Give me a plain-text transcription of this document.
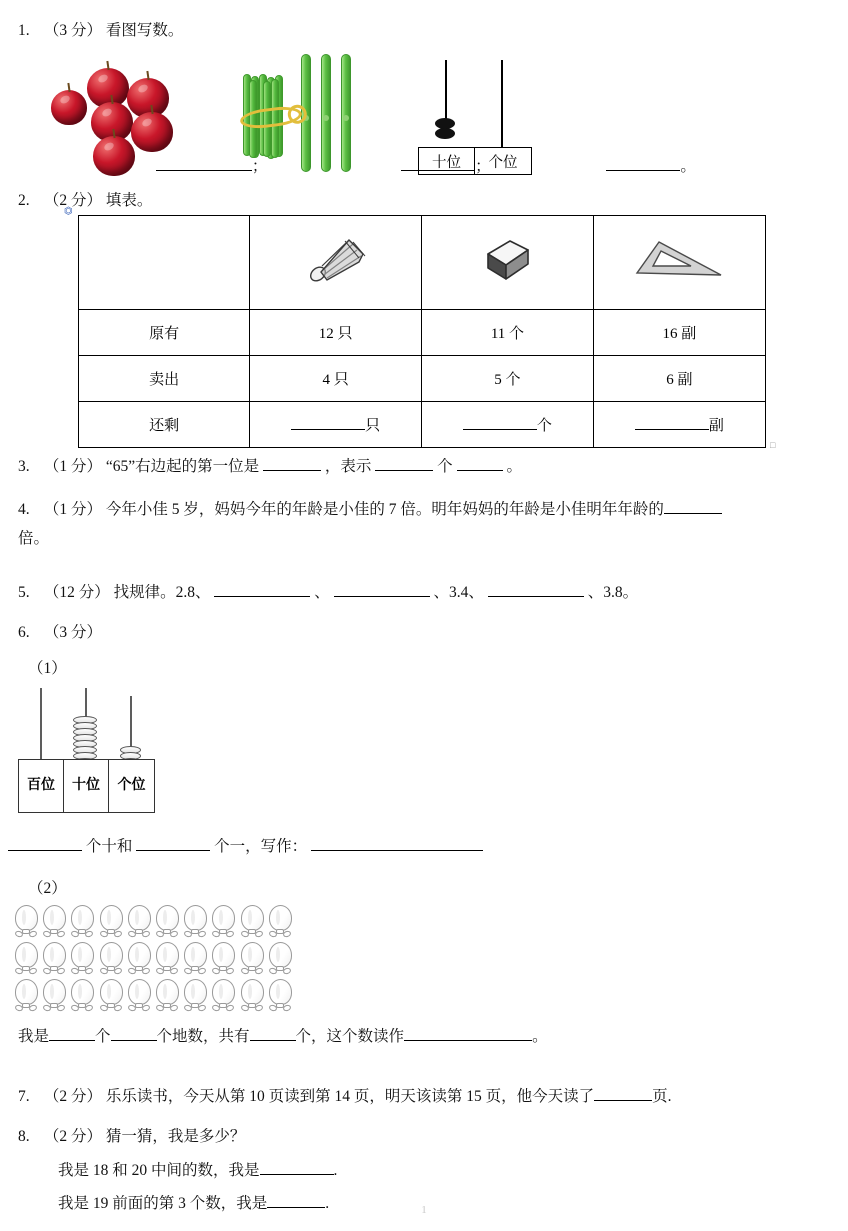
1. （3 分） 看图写数。
十位	个位
；	；	。
2. （2 分） 填表。
⏣

原有	12 只	11 个	16 副
卖出	4 只	5 个	6 副
还剩	只	个	副
□
3. （1 分） “65”右边起的第一位是	，表示	个	。
4. （1 分） 今年小佳 5 岁，妈妈今年的年龄是小佳的 7 倍。明年妈妈的年龄是小佳明年年龄的
倍。
5. （12 分） 找规律。2.8、	、	、3.4、	、3.8。
6. （3 分）
（1）
百位 十位 个位
个十和	个一，写作：
（2）
我是	个	个地数，共有	个，这个数读作	。
7. （2 分） 乐乐读书，今天从第 10 页读到第 14 页，明天该读第 15 页，他今天读了	页.
8. （2 分） 猜一猜，我是多少？
我是 18 和 20 中间的数，我是	.
我是 19 前面的第 3 个数，我是	.	1
